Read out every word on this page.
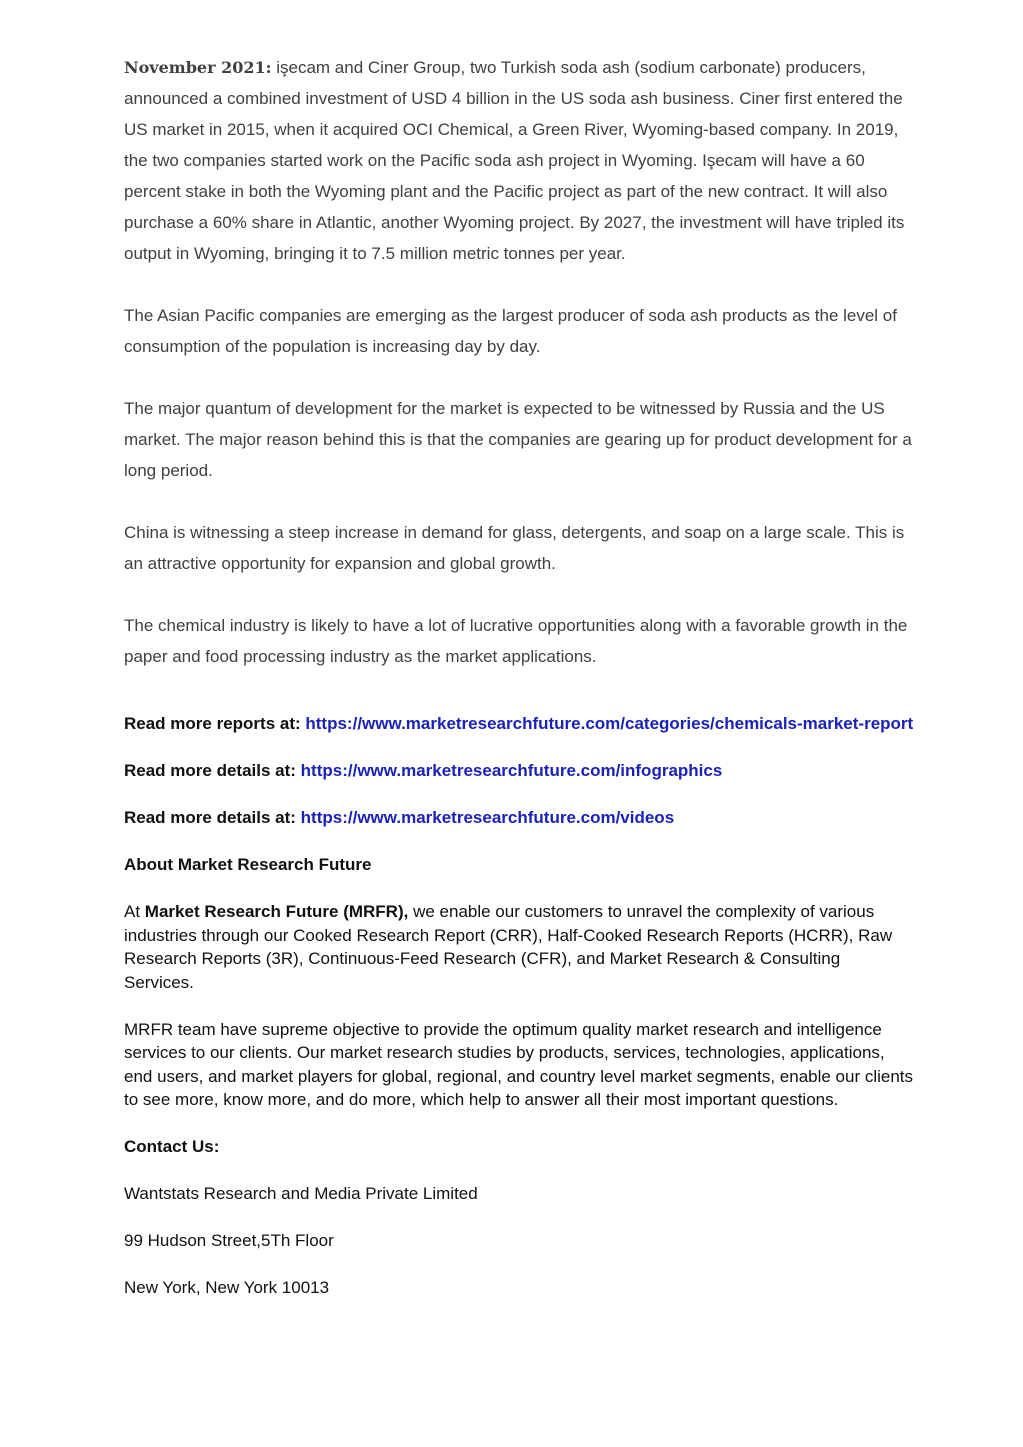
November 2021: işecam and Ciner Group, two Turkish soda ash (sodium carbonate) producers, announced a combined investment of USD 4 billion in the US soda ash business. Ciner first entered the US market in 2015, when it acquired OCI Chemical, a Green River, Wyoming-based company. In 2019, the two companies started work on the Pacific soda ash project in Wyoming. Işecam will have a 60 percent stake in both the Wyoming plant and the Pacific project as part of the new contract. It will also purchase a 60% share in Atlantic, another Wyoming project. By 2027, the investment will have tripled its output in Wyoming, bringing it to 7.5 million metric tonnes per year.

The Asian Pacific companies are emerging as the largest producer of soda ash products as the level of consumption of the population is increasing day by day.

The major quantum of development for the market is expected to be witnessed by Russia and the US market. The major reason behind this is that the companies are gearing up for product development for a long period.

China is witnessing a steep increase in demand for glass, detergents, and soap on a large scale. This is an attractive opportunity for expansion and global growth.

The chemical industry is likely to have a lot of lucrative opportunities along with a favorable growth in the paper and food processing industry as the market applications.

Read more reports at: https://www.marketresearchfuture.com/categories/chemicals-market-report

Read more details at: https://www.marketresearchfuture.com/infographics

Read more details at: https://www.marketresearchfuture.com/videos

About Market Research Future

At Market Research Future (MRFR), we enable our customers to unravel the complexity of various industries through our Cooked Research Report (CRR), Half-Cooked Research Reports (HCRR), Raw Research Reports (3R), Continuous-Feed Research (CFR), and Market Research & Consulting Services.

MRFR team have supreme objective to provide the optimum quality market research and intelligence services to our clients. Our market research studies by products, services, technologies, applications, end users, and market players for global, regional, and country level market segments, enable our clients to see more, know more, and do more, which help to answer all their most important questions.

Contact Us:

Wantstats Research and Media Private Limited

99 Hudson Street,5Th Floor

New York, New York 10013
